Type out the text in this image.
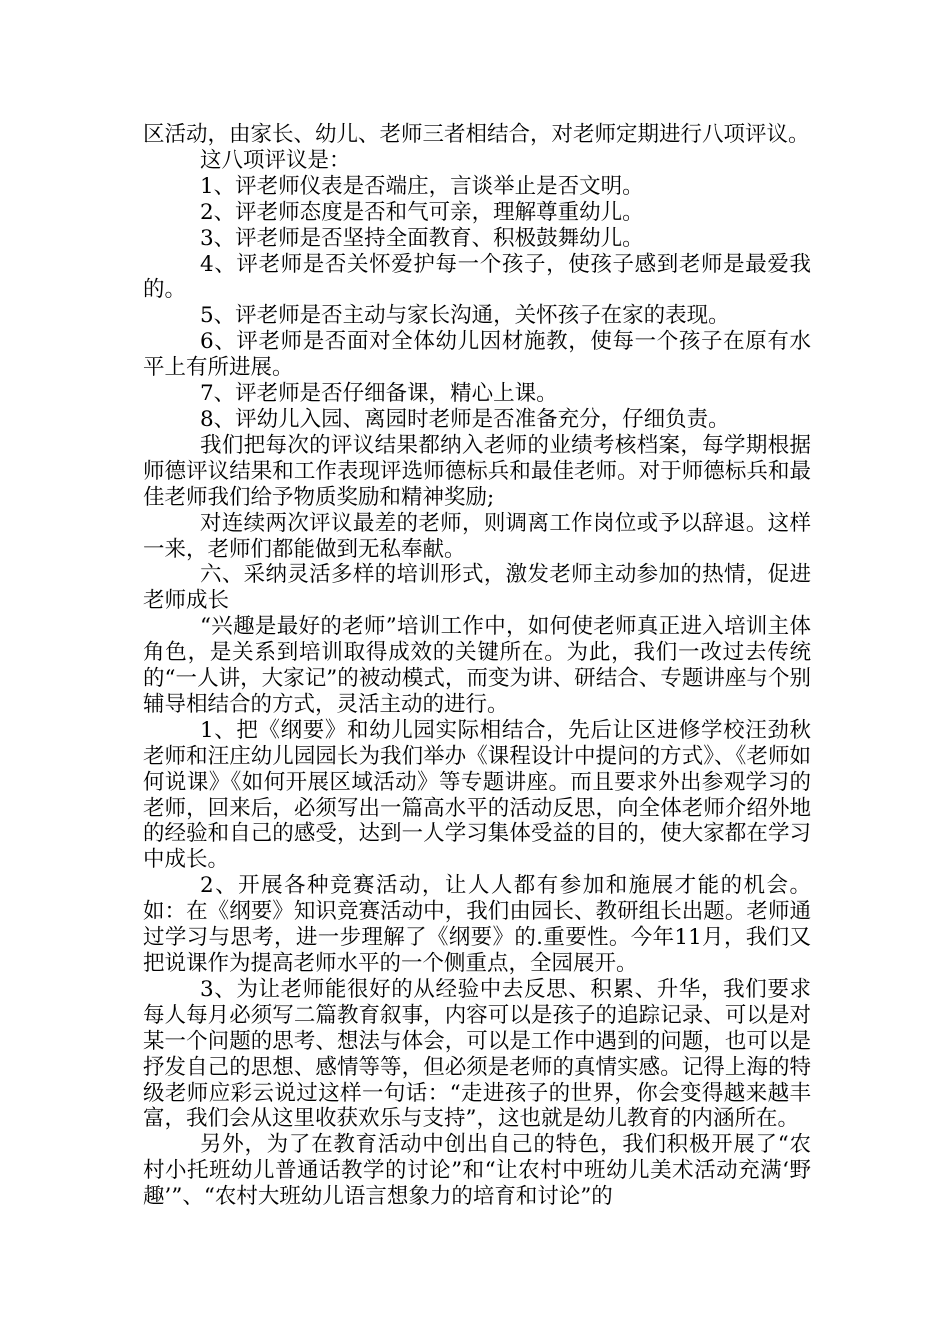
区活动，由家长、幼儿、老师三者相结合，对老师定期进行八项评议。

这八项评议是：

1、评老师仪表是否端庄，言谈举止是否文明。

2、评老师态度是否和气可亲，理解尊重幼儿。

3、评老师是否坚持全面教育、积极鼓舞幼儿。

4、评老师是否关怀爱护每一个孩子，使孩子感到老师是最爱我的。

5、评老师是否主动与家长沟通，关怀孩子在家的表现。

6、评老师是否面对全体幼儿因材施教，使每一个孩子在原有水平上有所进展。

7、评老师是否仔细备课，精心上课。

8、评幼儿入园、离园时老师是否准备充分，仔细负责。

我们把每次的评议结果都纳入老师的业绩考核档案，每学期根据师德评议结果和工作表现评选师德标兵和最佳老师。对于师德标兵和最佳老师我们给予物质奖励和精神奖励;

对连续两次评议最差的老师，则调离工作岗位或予以辞退。这样一来，老师们都能做到无私奉献。

六、采纳灵活多样的培训形式，激发老师主动参加的热情，促进老师成长

“兴趣是最好的老师”培训工作中，如何使老师真正进入培训主体角色，是关系到培训取得成效的关键所在。为此，我们一改过去传统的“一人讲，大家记”的被动模式，而变为讲、研结合、专题讲座与个别辅导相结合的方式，灵活主动的进行。

1、把《纲要》和幼儿园实际相结合，先后让区进修学校汪劲秋老师和汪庄幼儿园园长为我们举办《课程设计中提问的方式》、《老师如何说课》《如何开展区域活动》等专题讲座。而且要求外出参观学习的老师，回来后，必须写出一篇高水平的活动反思，向全体老师介绍外地的经验和自己的感受，达到一人学习集体受益的目的，使大家都在学习中成长。

2、开展各种竞赛活动，让人人都有参加和施展才能的机会。如：在《纲要》知识竞赛活动中，我们由园长、教研组长出题。老师通过学习与思考，进一步理解了《纲要》的.重要性。今年11月，我们又把说课作为提高老师水平的一个侧重点，全园展开。

3、为让老师能很好的从经验中去反思、积累、升华，我们要求每人每月必须写二篇教育叙事，内容可以是孩子的追踪记录、可以是对某一个问题的思考、想法与体会，可以是工作中遇到的问题，也可以是抒发自己的思想、感情等等，但必须是老师的真情实感。记得上海的特级老师应彩云说过这样一句话：“走进孩子的世界，你会变得越来越丰富，我们会从这里收获欢乐与支持”，这也就是幼儿教育的内涵所在。

另外，为了在教育活动中创出自己的特色，我们积极开展了“农村小托班幼儿普通话教学的讨论”和“让农村中班幼儿美术活动充满‘野趣’”、“农村大班幼儿语言想象力的培育和讨论”的
